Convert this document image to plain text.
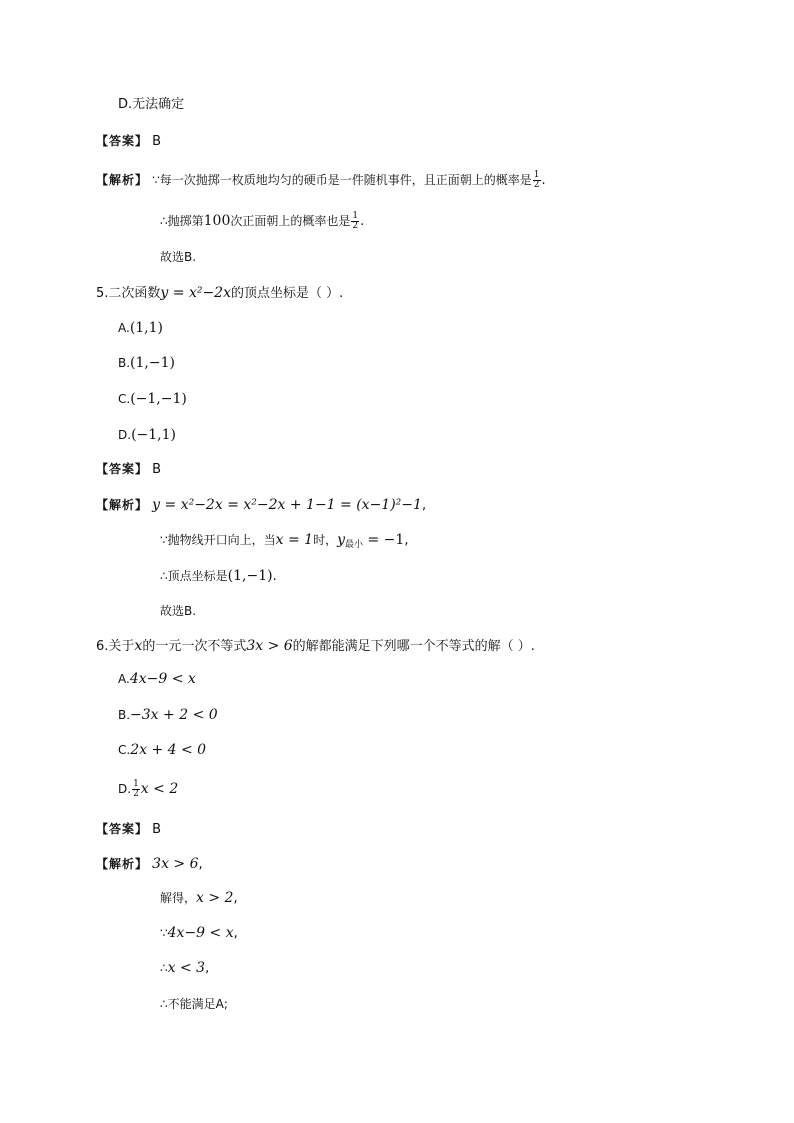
D.无法确定
【答案】 B
【解析】 ∵每一次抛掷一枚质地均匀的硬币是一件随机事件，且正面朝上的概率是 $\frac{1}{2}$ .
∴抛掷第100次正面朝上的概率也是 $\frac{1}{2}$ .
故选B.
5.二次函数y = x²−2x的顶点坐标是（ ）.
A.(1,1)
B.(1,−1)
C.(−1,−1)
D.(−1,1)
【答案】 B
【解析】 y = x²−2x = x²−2x + 1−1 = (x−1)²−1,
∵抛物线开口向上，当x = 1时，$y_{最小} = -1$,
∴顶点坐标是(1,−1).
故选B.
6.关于x的一元一次不等式3x > 6的解都能满足下列哪一个不等式的解（ ）.
A.4x−9 < x
B.−3x + 2 < 0
C.2x + 4 < 0
D. $\frac{1}{2}$ x < 2
【答案】 B
【解析】 3x > 6,
解得，x > 2,
∵4x−9 < x,
∴x < 3,
∴不能满足A;
